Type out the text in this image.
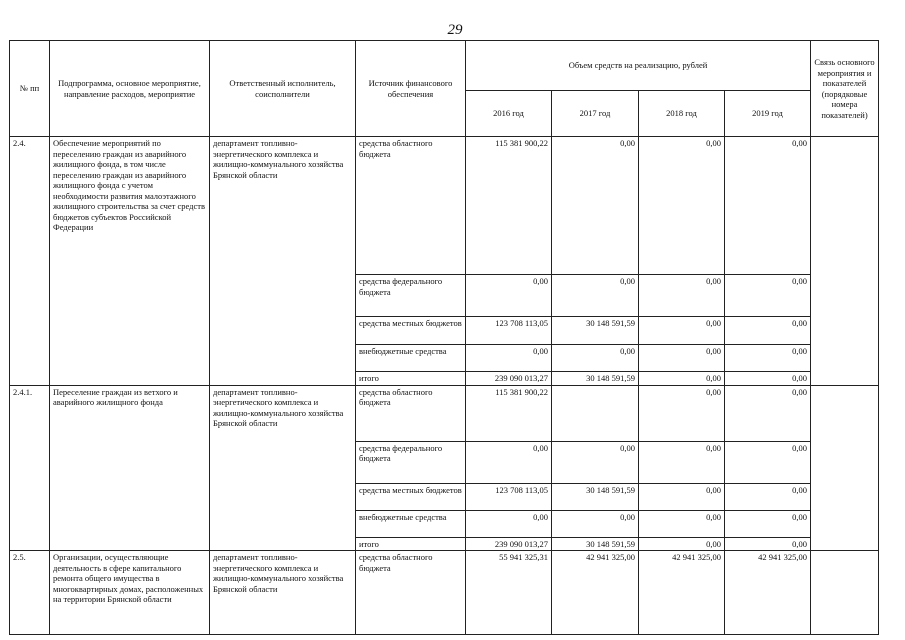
29
№ пп	Подпрограмма, основное мероприятие, направление расходов, мероприятие	Ответственный исполнитель, соисполнители	Источник финансового обеспечения	Объем средств на реализацию, рублей				Связь основного мероприятия и показателей (порядковые номера показателей)
				2016 год	2017 год	2018 год	2019 год	
2.4.	Обеспечение мероприятий по переселению граждан из аварийного жилищного фонда, в том числе переселению граждан из аварийного жилищного фонда с учетом необходимости развития малоэтажного жилищного строительства за счет средств бюджетов субъектов Российской Федерации	департамент топливно-энергетического комплекса и жилищно-коммунального хозяйства Брянской области	средства областного бюджета	115 381 900,22	0,00	0,00	0,00	
			средства федерального бюджета	0,00	0,00	0,00	0,00	
			средства местных бюджетов	123 708 113,05	30 148 591,59	0,00	0,00	
			внебюджетные средства	0,00	0,00	0,00	0,00	
			итого	239 090 013,27	30 148 591,59	0,00	0,00	
2.4.1.	Переселение граждан из ветхого и аварийного жилищного фонда	департамент топливно-энергетического комплекса и жилищно-коммунального хозяйства Брянской области	средства областного бюджета	115 381 900,22		0,00	0,00	
			средства федерального бюджета	0,00	0,00	0,00	0,00	
			средства местных бюджетов	123 708 113,05	30 148 591,59	0,00	0,00	
			внебюджетные средства	0,00	0,00	0,00	0,00	
			итого	239 090 013,27	30 148 591,59	0,00	0,00	
2.5.	Организации, осуществляющие деятельность в сфере капитального ремонта общего имущества в многоквартирных домах, расположенных на территории Брянской области	департамент топливно-энергетического комплекса и жилищно-коммунального хозяйства Брянской области	средства областного бюджета	55 941 325,31	42 941 325,00	42 941 325,00	42 941 325,00	
